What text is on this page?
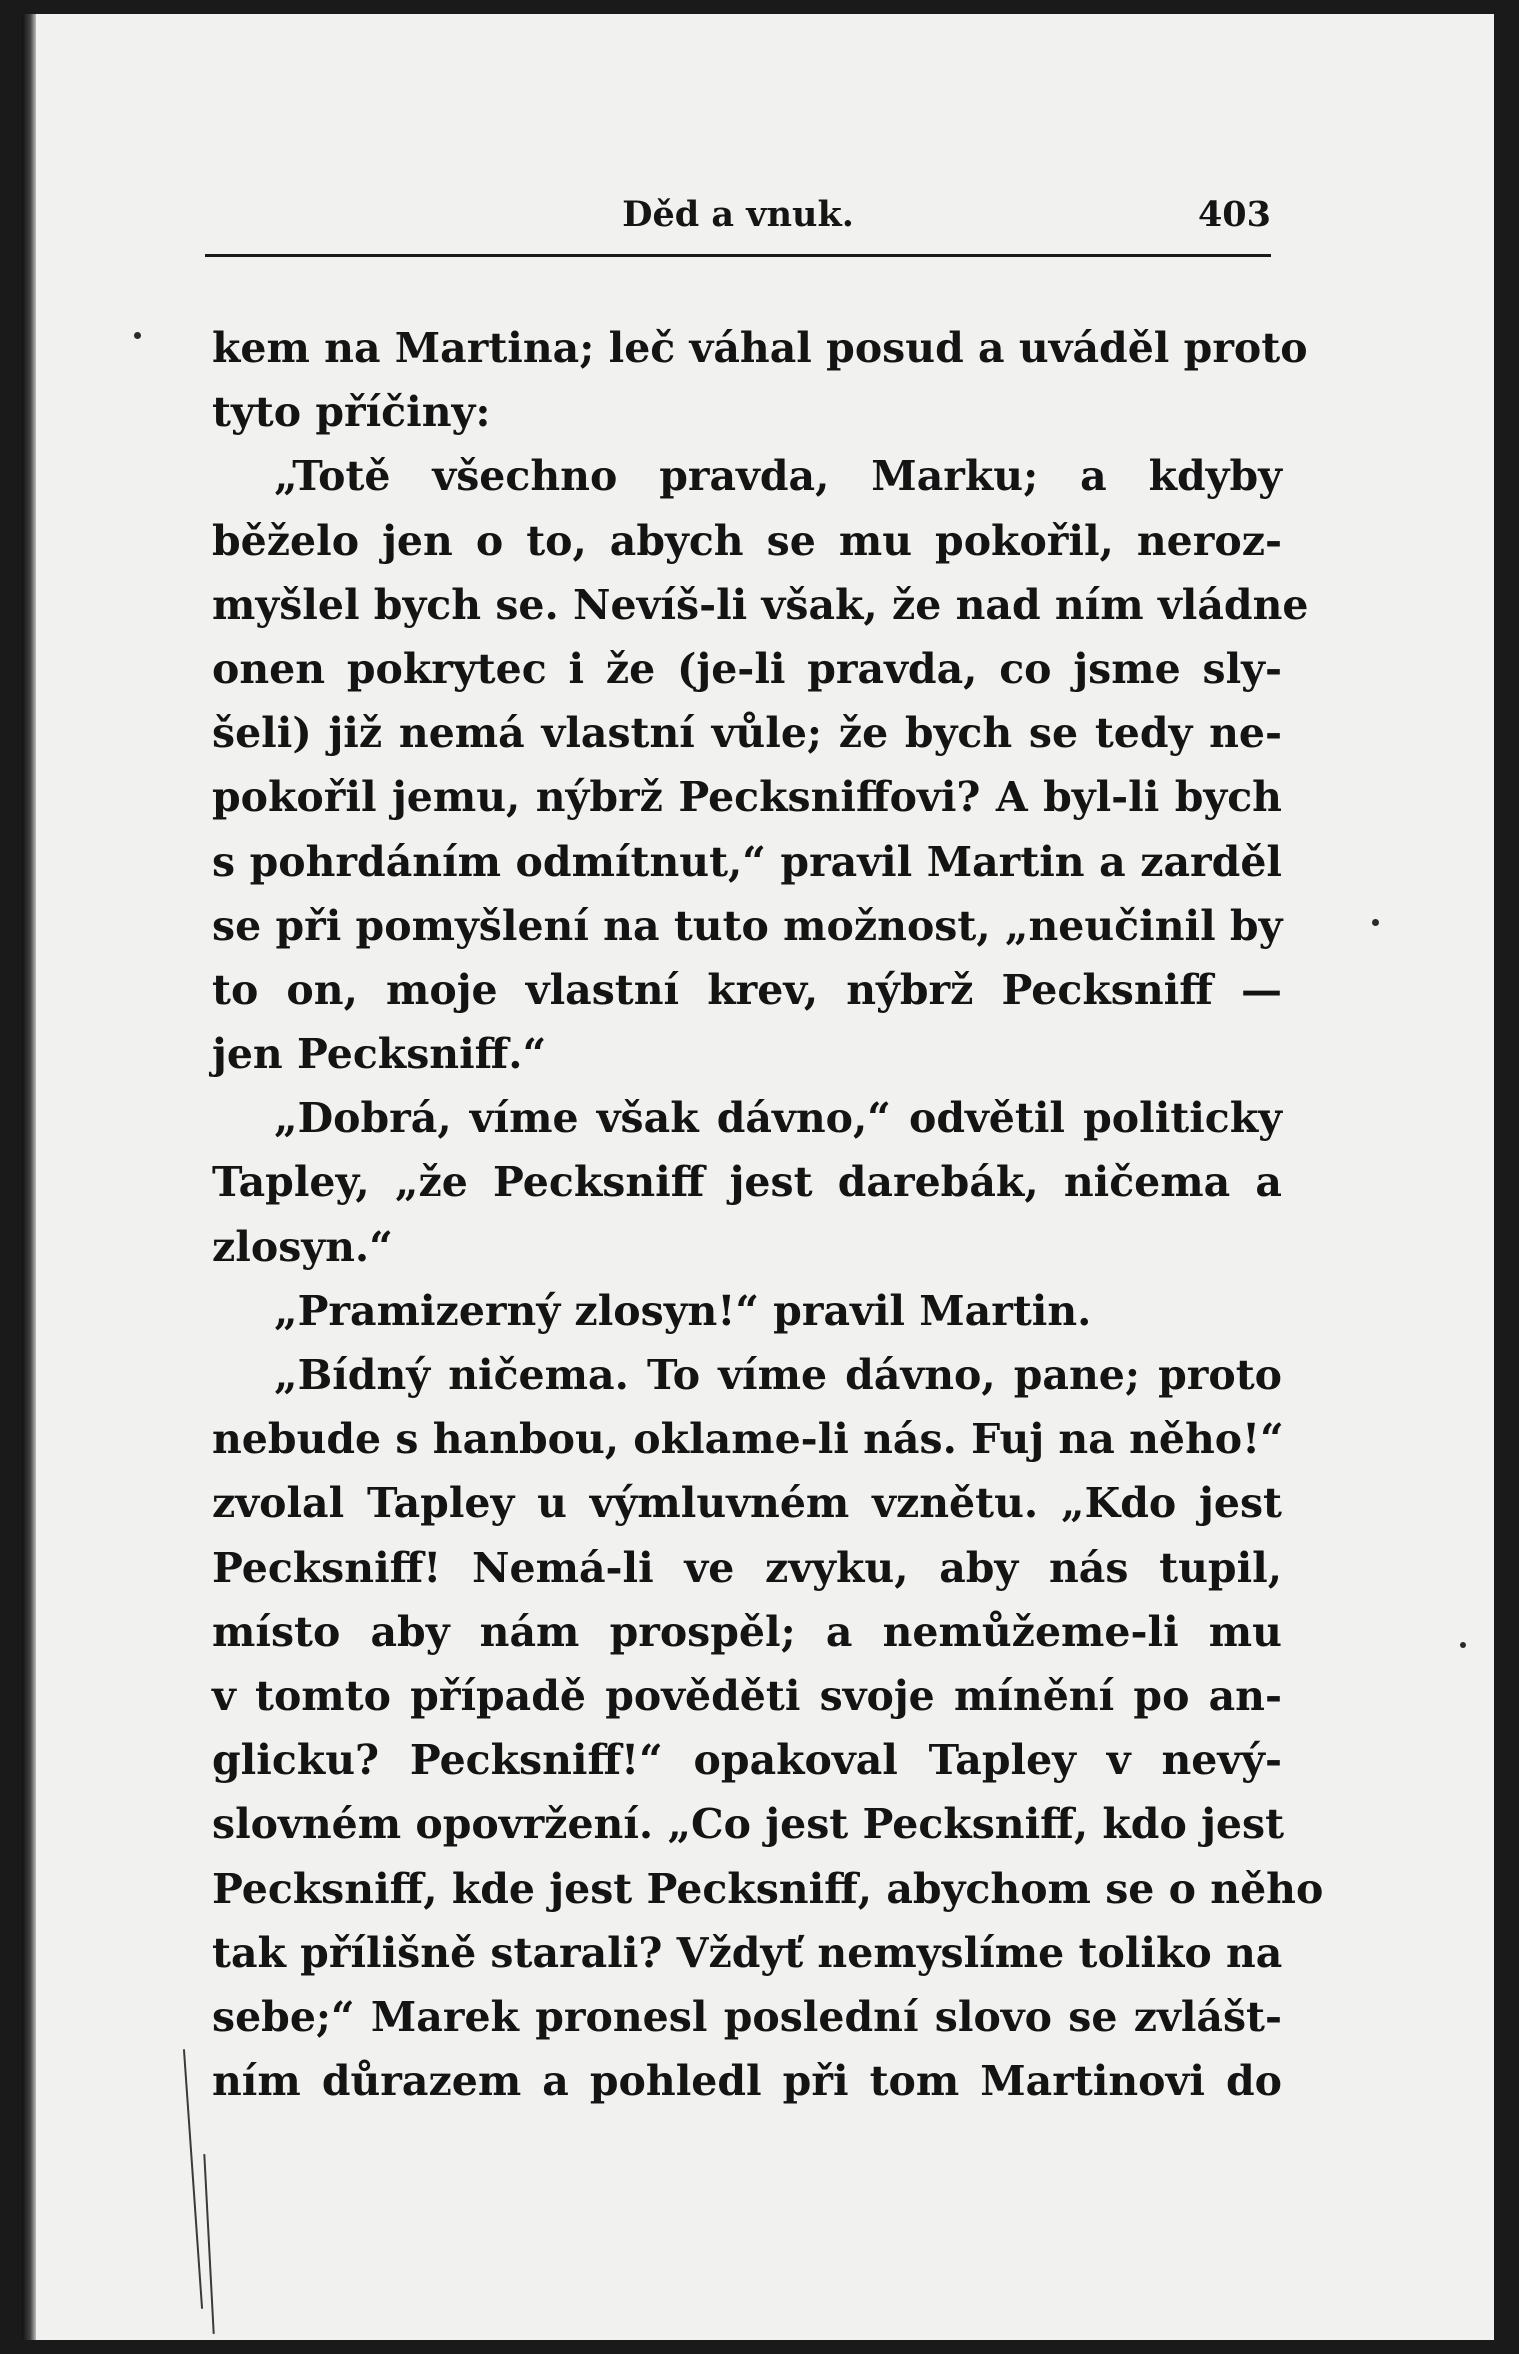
Děd a vnuk.	403
kem na Martina; leč váhal posud a uváděl proto
tyto příčiny:
„Totě všechno pravda, Marku; a kdyby
běželo jen o to, abych se mu pokořil, neroz-
myšlel bych se. Nevíš-li však, že nad ním vládne
onen pokrytec i že (je-li pravda, co jsme sly-
šeli) již nemá vlastní vůle; že bych se tedy ne-
pokořil jemu, nýbrž Pecksniffovi? A byl-li bych
s pohrdáním odmítnut,“ pravil Martin a zarděl
se při pomyšlení na tuto možnost, „neučinil by
to on, moje vlastní krev, nýbrž Pecksniff —
jen Pecksniff.“
„Dobrá, víme však dávno,“ odvětil politicky
Tapley, „že Pecksniff jest darebák, ničema a
zlosyn.“
„Pramizerný zlosyn!“ pravil Martin.
„Bídný ničema. To víme dávno, pane; proto
nebude s hanbou, oklame-li nás. Fuj na něho!“
zvolal Tapley u výmluvném vznětu. „Kdo jest
Pecksniff! Nemá-li ve zvyku, aby nás tupil,
místo aby nám prospěl; a nemůžeme-li mu
v tomto případě pověděti svoje mínění po an-
glicku? Pecksniff!“ opakoval Tapley v nevý-
slovném opovržení. „Co jest Pecksniff, kdo jest
Pecksniff, kde jest Pecksniff, abychom se o něho
tak přílišně starali? Vždyť nemyslíme toliko na
sebe;“ Marek pronesl poslední slovo se zvlášt-
ním důrazem a pohledl při tom Martinovi do
